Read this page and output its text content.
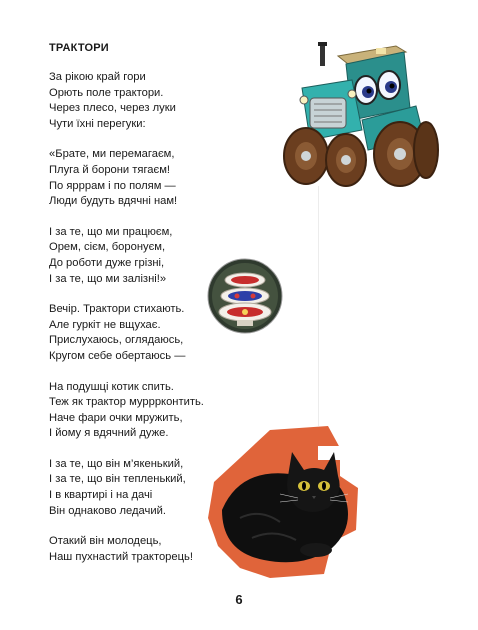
ТРАКТОРИ
За рікою край гори
Орють поле трактори.
Через плесо, через луки
Чути їхні перегуки:
«Брате, ми перемагаєм,
Плуга й борони тягаєм!
По ярррам і по полям —
Люди будуть вдячні нам!
І за те, що ми працюєм,
Орем, сієм, боронуєм,
До роботи дуже грізні,
І за те, що ми залізні!»
Вечір. Трактори стихають.
Але гуркіт не вщухає.
Прислухаюсь, оглядаюсь,
Кругом себе обертаюсь —
На подушці котик спить.
Теж як трактор мурррконтить.
Наче фари очки мружить,
І йому я вдячний дуже.
І за те, що він м’якенький,
І за те, що він тепленький,
І в квартирі і на дачі
Він однаково ледачий.
Отакий він молодець,
Наш пухнастий тракторець!
6
